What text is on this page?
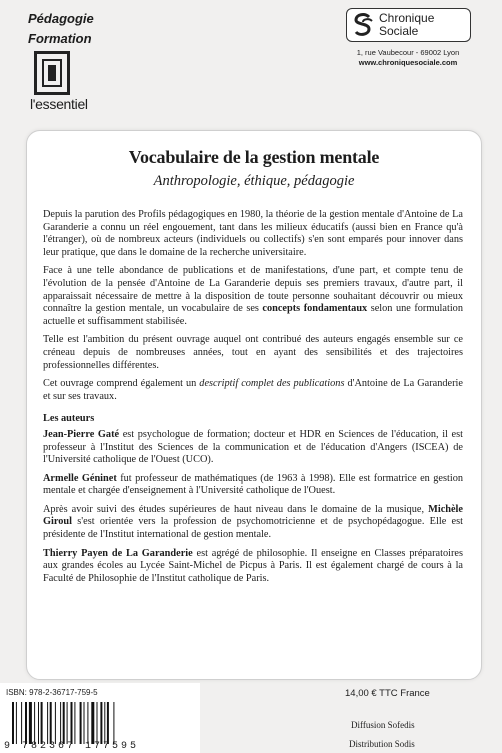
Pédagogie
Formation
l'essentiel
Chronique
Sociale
1, rue Vaubecour - 69002 Lyon
www.chroniquesociale.com
Vocabulaire de la gestion mentale
Anthropologie, éthique, pédagogie

Depuis la parution des Profils pédagogiques en 1980, la théorie de la gestion mentale d'Antoine de La Garanderie a connu un réel engouement, tant dans les milieux éducatifs (aussi bien en France qu'à l'étranger), où de nombreux acteurs (individuels ou collectifs) s'en sont emparés pour innover dans leur pratique, que dans le domaine de la recherche universitaire.

Face à une telle abondance de publications et de manifestations, d'une part, et compte tenu de l'évolution de la pensée d'Antoine de La Garanderie depuis ses premiers travaux, d'autre part, il apparaissait nécessaire de mettre à la disposition de toute personne souhaitant découvrir ou mieux connaître la gestion mentale, un vocabulaire de ses concepts fondamentaux selon une formulation actuelle et suffisamment stabilisée.

Telle est l'ambition du présent ouvrage auquel ont contribué des auteurs engagés ensemble sur ce créneau depuis de nombreuses années, tout en ayant des sensibilités et des trajectoires professionnelles différentes.

Cet ouvrage comprend également un descriptif complet des publications d'Antoine de La Garanderie et sur ses travaux.

Les auteurs

Jean-Pierre Gaté est psychologue de formation; docteur et HDR en Sciences de l'éducation, il est professeur à l'Institut des Sciences de la communication et de l'éducation d'Angers (ISCEA) de l'Université catholique de l'Ouest (UCO).

Armelle Géninet fut professeur de mathématiques (de 1963 à 1998). Elle est formatrice en gestion mentale et chargée d'enseignement à l'Université catholique de l'Ouest.

Après avoir suivi des études supérieures de haut niveau dans le domaine de la musique, Michèle Giroul s'est orientée vers la profession de psychomotricienne et de psychopédagogue. Elle est présidente de l'Institut international de gestion mentale.

Thierry Payen de La Garanderie est agrégé de philosophie. Il enseigne en Classes préparatoires aux grandes écoles au Lycée Saint-Michel de Picpus à Paris. Il est également chargé de cours à la Faculté de Philosophie de l'Institut catholique de Paris.

ISBN: 978-2-36717-759-5
9 782367 177595
14,00 € TTC France
Diffusion Sofedis
Distribution Sodis
